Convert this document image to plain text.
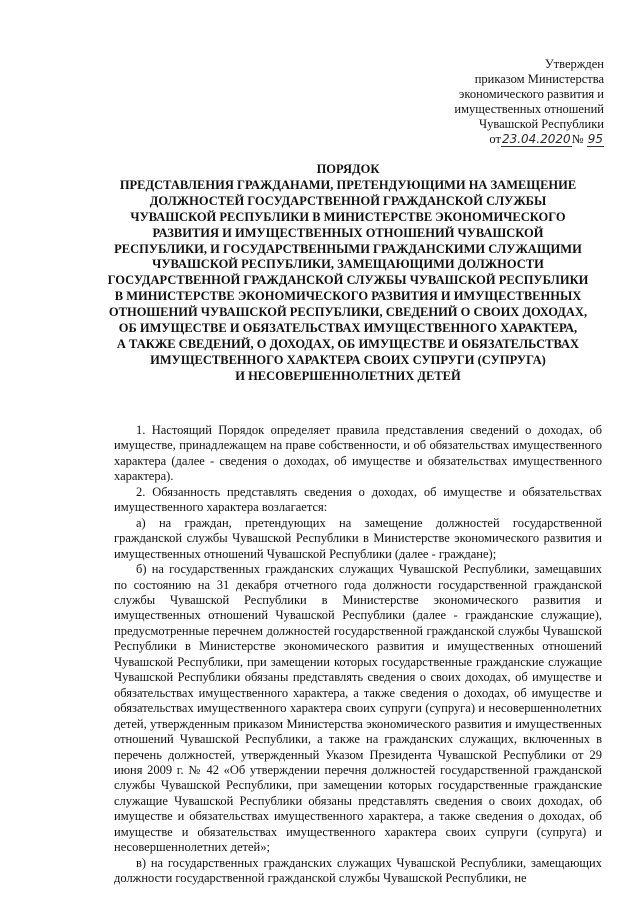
Утвержден
приказом Министерства
экономического развития и
имущественных отношений
Чувашской Республики
от23.04.2020№ 95
ПОРЯДОК
ПРЕДСТАВЛЕНИЯ ГРАЖДАНАМИ, ПРЕТЕНДУЮЩИМИ НА ЗАМЕЩЕНИЕ
ДОЛЖНОСТЕЙ ГОСУДАРСТВЕННОЙ ГРАЖДАНСКОЙ СЛУЖБЫ
ЧУВАШСКОЙ РЕСПУБЛИКИ В МИНИСТЕРСТВЕ ЭКОНОМИЧЕСКОГО
РАЗВИТИЯ И ИМУЩЕСТВЕННЫХ ОТНОШЕНИЙ ЧУВАШСКОЙ
РЕСПУБЛИКИ, И ГОСУДАРСТВЕННЫМИ ГРАЖДАНСКИМИ СЛУЖАЩИМИ
ЧУВАШСКОЙ РЕСПУБЛИКИ, ЗАМЕЩАЮЩИМИ ДОЛЖНОСТИ
ГОСУДАРСТВЕННОЙ ГРАЖДАНСКОЙ СЛУЖБЫ ЧУВАШСКОЙ РЕСПУБЛИКИ
В МИНИСТЕРСТВЕ ЭКОНОМИЧЕСКОГО РАЗВИТИЯ И ИМУЩЕСТВЕННЫХ
ОТНОШЕНИЙ ЧУВАШСКОЙ РЕСПУБЛИКИ, СВЕДЕНИЙ О СВОИХ ДОХОДАХ,
ОБ ИМУЩЕСТВЕ И ОБЯЗАТЕЛЬСТВАХ ИМУЩЕСТВЕННОГО ХАРАКТЕРА,
А ТАКЖЕ СВЕДЕНИЙ, О ДОХОДАХ, ОБ ИМУЩЕСТВЕ И ОБЯЗАТЕЛЬСТВАХ
ИМУЩЕСТВЕННОГО ХАРАКТЕРА СВОИХ СУПРУГИ (СУПРУГА)
И НЕСОВЕРШЕННОЛЕТНИХ ДЕТЕЙ

1. Настоящий Порядок определяет правила представления сведений о доходах, об имуществе, принадлежащем на праве собственности, и об обязательствах имущественного характера (далее - сведения о доходах, об имуществе и обязательствах имущественного характера).

2. Обязанность представлять сведения о доходах, об имуществе и обязательствах имущественного характера возлагается:

а) на граждан, претендующих на замещение должностей государственной гражданской службы Чувашской Республики в Министерстве экономического развития и имущественных отношений Чувашской Республики (далее - граждане);

б) на государственных гражданских служащих Чувашской Республики, замещавших по состоянию на 31 декабря отчетного года должности государственной гражданской службы Чувашской Республики в Министерстве экономического развития и имущественных отношений Чувашской Республики (далее - гражданские служащие), предусмотренные перечнем должностей государственной гражданской службы Чувашской Республики в Министерстве экономического развития и имущественных отношений Чувашской Республики, при замещении которых государственные гражданские служащие Чувашской Республики обязаны представлять сведения о своих доходах, об имуществе и обязательствах имущественного характера, а также сведения о доходах, об имуществе и обязательствах имущественного характера своих супруги (супруга) и несовершеннолетних детей, утвержденным приказом Министерства экономического развития и имущественных отношений Чувашской Республики, а также на гражданских служащих, включенных в перечень должностей, утвержденный Указом Президента Чувашской Республики от 29 июня 2009 г. № 42 «Об утверждении перечня должностей государственной гражданской службы Чувашской Республики, при замещении которых государственные гражданские служащие Чувашской Республики обязаны представлять сведения о своих доходах, об имуществе и обязательствах имущественного характера, а также сведения о доходах, об имуществе и обязательствах имущественного характера своих супруги (супруга) и несовершеннолетних детей»;

в) на государственных гражданских служащих Чувашской Республики, замещающих должности государственной гражданской службы Чувашской Республики, не
